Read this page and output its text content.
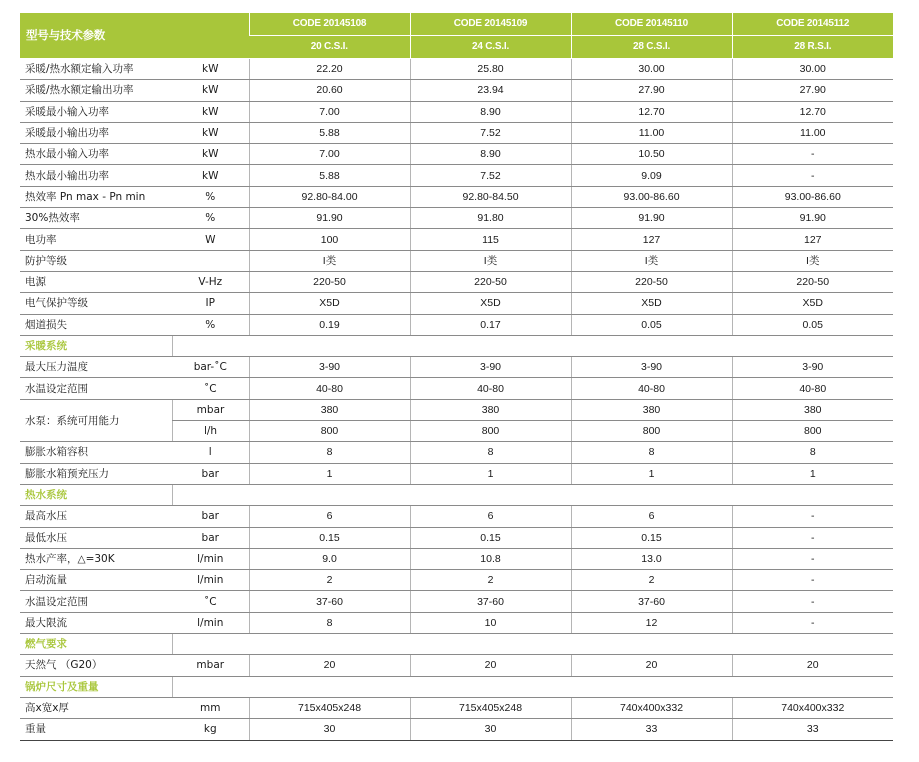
型号与技术参数		CODE 20145108	CODE 20145109	CODE 20145110	CODE 20145112
		20 C.S.I.	24 C.S.I.	28 C.S.I.	28 R.S.I.
采暖/热水额定输入功率	kW	22.20	25.80	30.00	30.00
采暖/热水额定输出功率	kW	20.60	23.94	27.90	27.90
采暖最小输入功率	kW	7.00	8.90	12.70	12.70
采暖最小输出功率	kW	5.88	7.52	11.00	11.00
热水最小输入功率	kW	7.00	8.90	10.50	-
热水最小输出功率	kW	5.88	7.52	9.09	-
热效率 Pn max - Pn min	%	92.80-84.00	92.80-84.50	93.00-86.60	93.00-86.60
30%热效率	%	91.90	91.80	91.90	91.90
电功率	W	100	115	127	127
防护等级		I类	I类	I类	I类
电源	V-Hz	220-50	220-50	220-50	220-50
电气保护等级	IP	X5D	X5D	X5D	X5D
烟道损失	%	0.19	0.17	0.05	0.05
采暖系统					
最大压力温度	bar-˚C	3-90	3-90	3-90	3-90
水温设定范围	˚C	40-80	40-80	40-80	40-80
水泵：系统可用能力	mbar	380	380	380	380
	l/h	800	800	800	800
膨胀水箱容积	l	8	8	8	8
膨胀水箱预充压力	bar	1	1	1	1
热水系统					
最高水压	bar	6	6	6	-
最低水压	bar	0.15	0.15	0.15	-
热水产率，△=30K	l/min	9.0	10.8	13.0	-
启动流量	l/min	2	2	2	-
水温设定范围	˚C	37-60	37-60	37-60	-
最大限流	l/min	8	10	12	-
燃气要求					
天然气 （G20）	mbar	20	20	20	20
锅炉尺寸及重量					
高x宽x厚	mm	715x405x248	715x405x248	740x400x332	740x400x332
重量	kg	30	30	33	33
